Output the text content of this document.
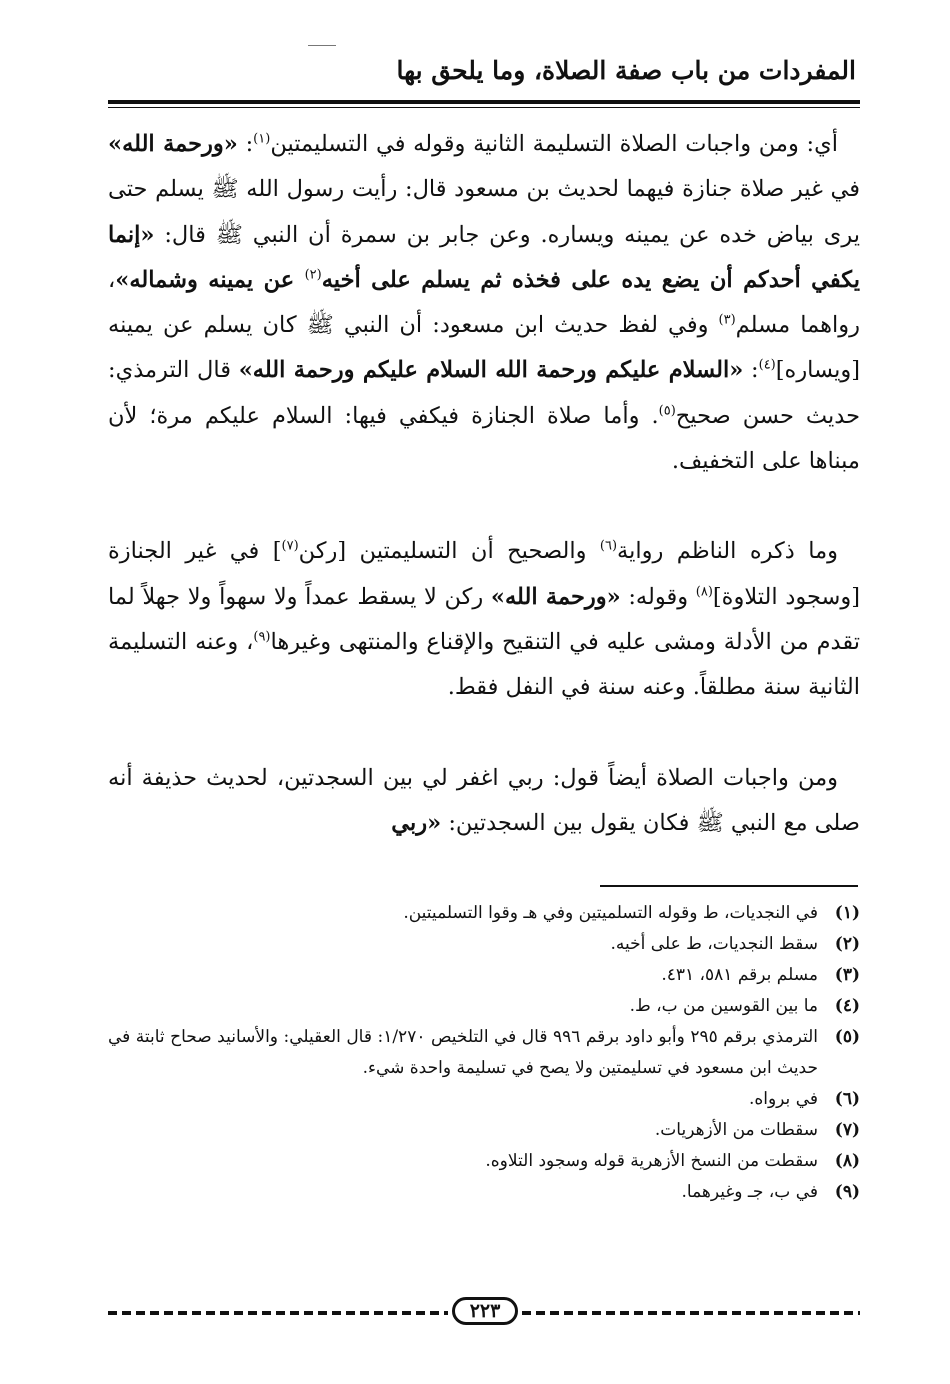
المفردات من باب صفة الصلاة، وما يلحق بها

أي: ومن واجبات الصلاة التسليمة الثانية وقوله في التسليمتين$^{(١)}$: «ورحمة الله» في غير صلاة جنازة فيهما لحديث بن مسعود قال: رأيت رسول الله ﷺ يسلم حتى يرى بياض خده عن يمينه ويساره. وعن جابر بن سمرة أن النبي ﷺ قال: «إنما يكفي أحدكم أن يضع يده على فخذه ثم يسلم على أخيه$^{(٢)}$ عن يمينه وشماله»، رواهما مسلم$^{(٣)}$ وفي لفظ حديث ابن مسعود: أن النبي ﷺ كان يسلم عن يمينه [ويساره]$^{(٤)}$: «السلام عليكم ورحمة الله السلام عليكم ورحمة الله» قال الترمذي: حديث حسن صحيح$^{(٥)}$. وأما صلاة الجنازة فيكفي فيها: السلام عليكم مرة؛ لأن مبناها على التخفيف.

وما ذكره الناظم رواية$^{(٦)}$ والصحيح أن التسليمتين [ركن$^{(٧)}$] في غير الجنازة [وسجود التلاوة]$^{(٨)}$ وقوله: «ورحمة الله» ركن لا يسقط عمداً ولا سهواً ولا جهلاً لما تقدم من الأدلة ومشى عليه في التنقيح والإقناع والمنتهى وغيرها$^{(٩)}$، وعنه التسليمة الثانية سنة مطلقاً. وعنه سنة في النفل فقط.

ومن واجبات الصلاة أيضاً قول: ربي اغفر لي بين السجدتين، لحديث حذيفة أنه صلى مع النبي ﷺ فكان يقول بين السجدتين: «ربي

(١)
في النجديات، ط وقوله التسلميتين وفي هـ وقوا التسلميتين.
(٢)
سقط النجديات، ط على أخيه.
(٣)
مسلم برقم ٥٨١، ٤٣١.
(٤)
ما بين القوسين من ب، ط.
(٥)
الترمذي برقم ٢٩٥ وأبو داود برقم ٩٩٦ قال في التلخيص ١/٢٧٠: قال العقيلي: والأسانيد صحاح ثابتة في حديث ابن مسعود في تسليمتين ولا يصح في تسليمة واحدة شيء.
(٦)
في برواه.
(٧)
سقطات من الأزهريات.
(٨)
سقطت من النسخ الأزهرية قوله وسجود التلاوه.
(٩)
في ب، جـ وغيرهما.
٢٢٣
